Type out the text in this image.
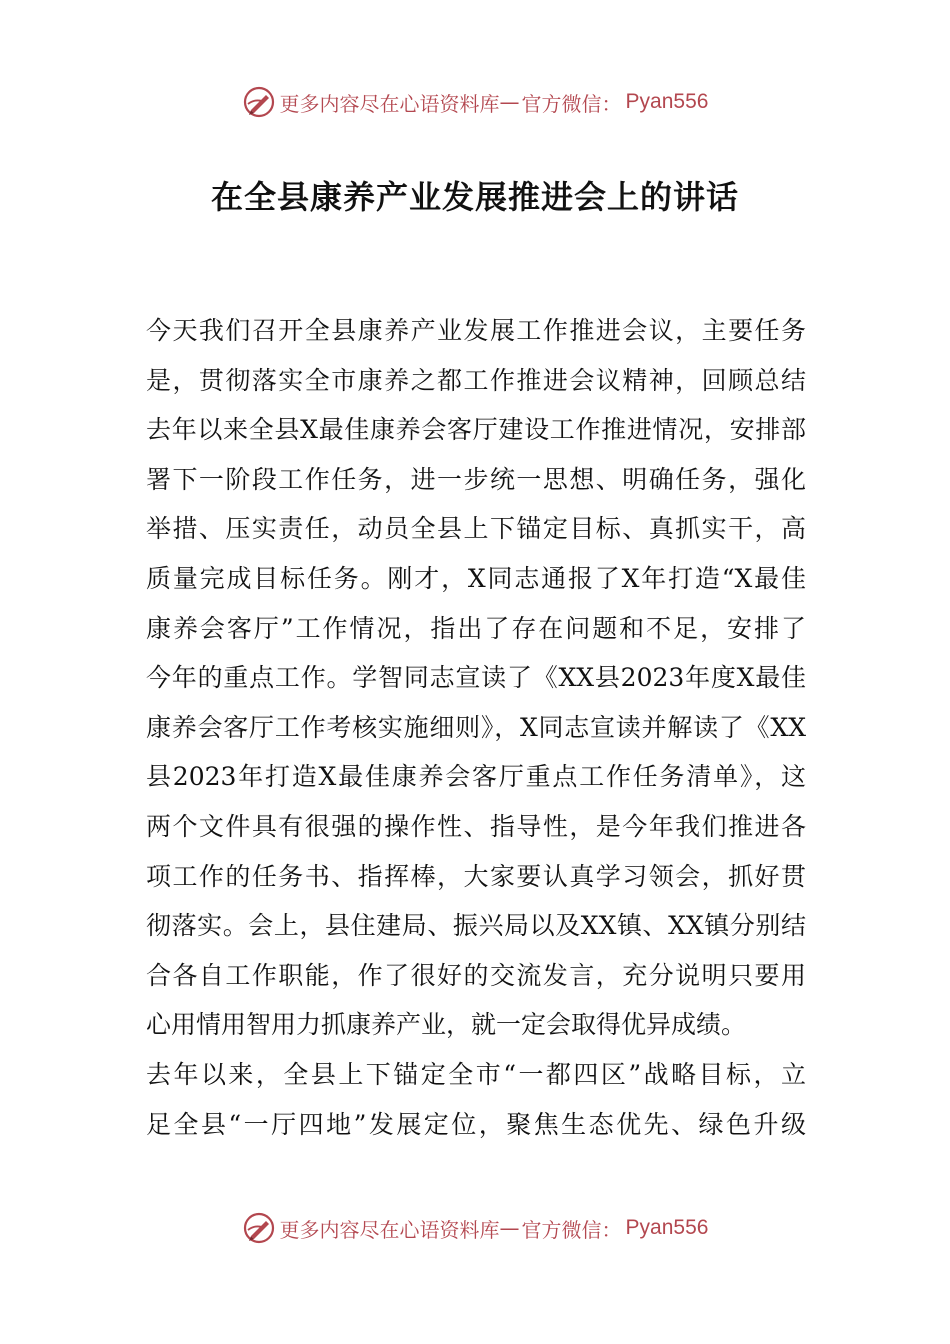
更多内容尽在心语资料库 — 官方微信： Pyan556
在全县康养产业发展推进会上的讲话
今天我们召开全县康养产业发展工作推进会议，主要任务
是，贯彻落实全市康养之都工作推进会议精神，回顾总结
去年以来全县X最佳康养会客厅建设工作推进情况，安排部
署下一阶段工作任务，进一步统一思想、明确任务，强化
举措、压实责任，动员全县上下锚定目标、真抓实干，高
质量完成目标任务。刚才，X同志通报了X年打造“X最佳
康养会客厅”工作情况，指出了存在问题和不足，安排了
今年的重点工作。学智同志宣读了《XX县2023年度X最佳
康养会客厅工作考核实施细则》，X同志宣读并解读了《XX
县2023年打造X最佳康养会客厅重点工作任务清单》，这
两个文件具有很强的操作性、指导性，是今年我们推进各
项工作的任务书、指挥棒，大家要认真学习领会，抓好贯
彻落实。会上，县住建局、振兴局以及XX镇、XX镇分别结
合各自工作职能，作了很好的交流发言，充分说明只要用
心用情用智用力抓康养产业，就一定会取得优异成绩。
去年以来，全县上下锚定全市“一都四区”战略目标，立
足全县“一厅四地”发展定位，聚焦生态优先、绿色升级
更多内容尽在心语资料库 — 官方微信： Pyan556
